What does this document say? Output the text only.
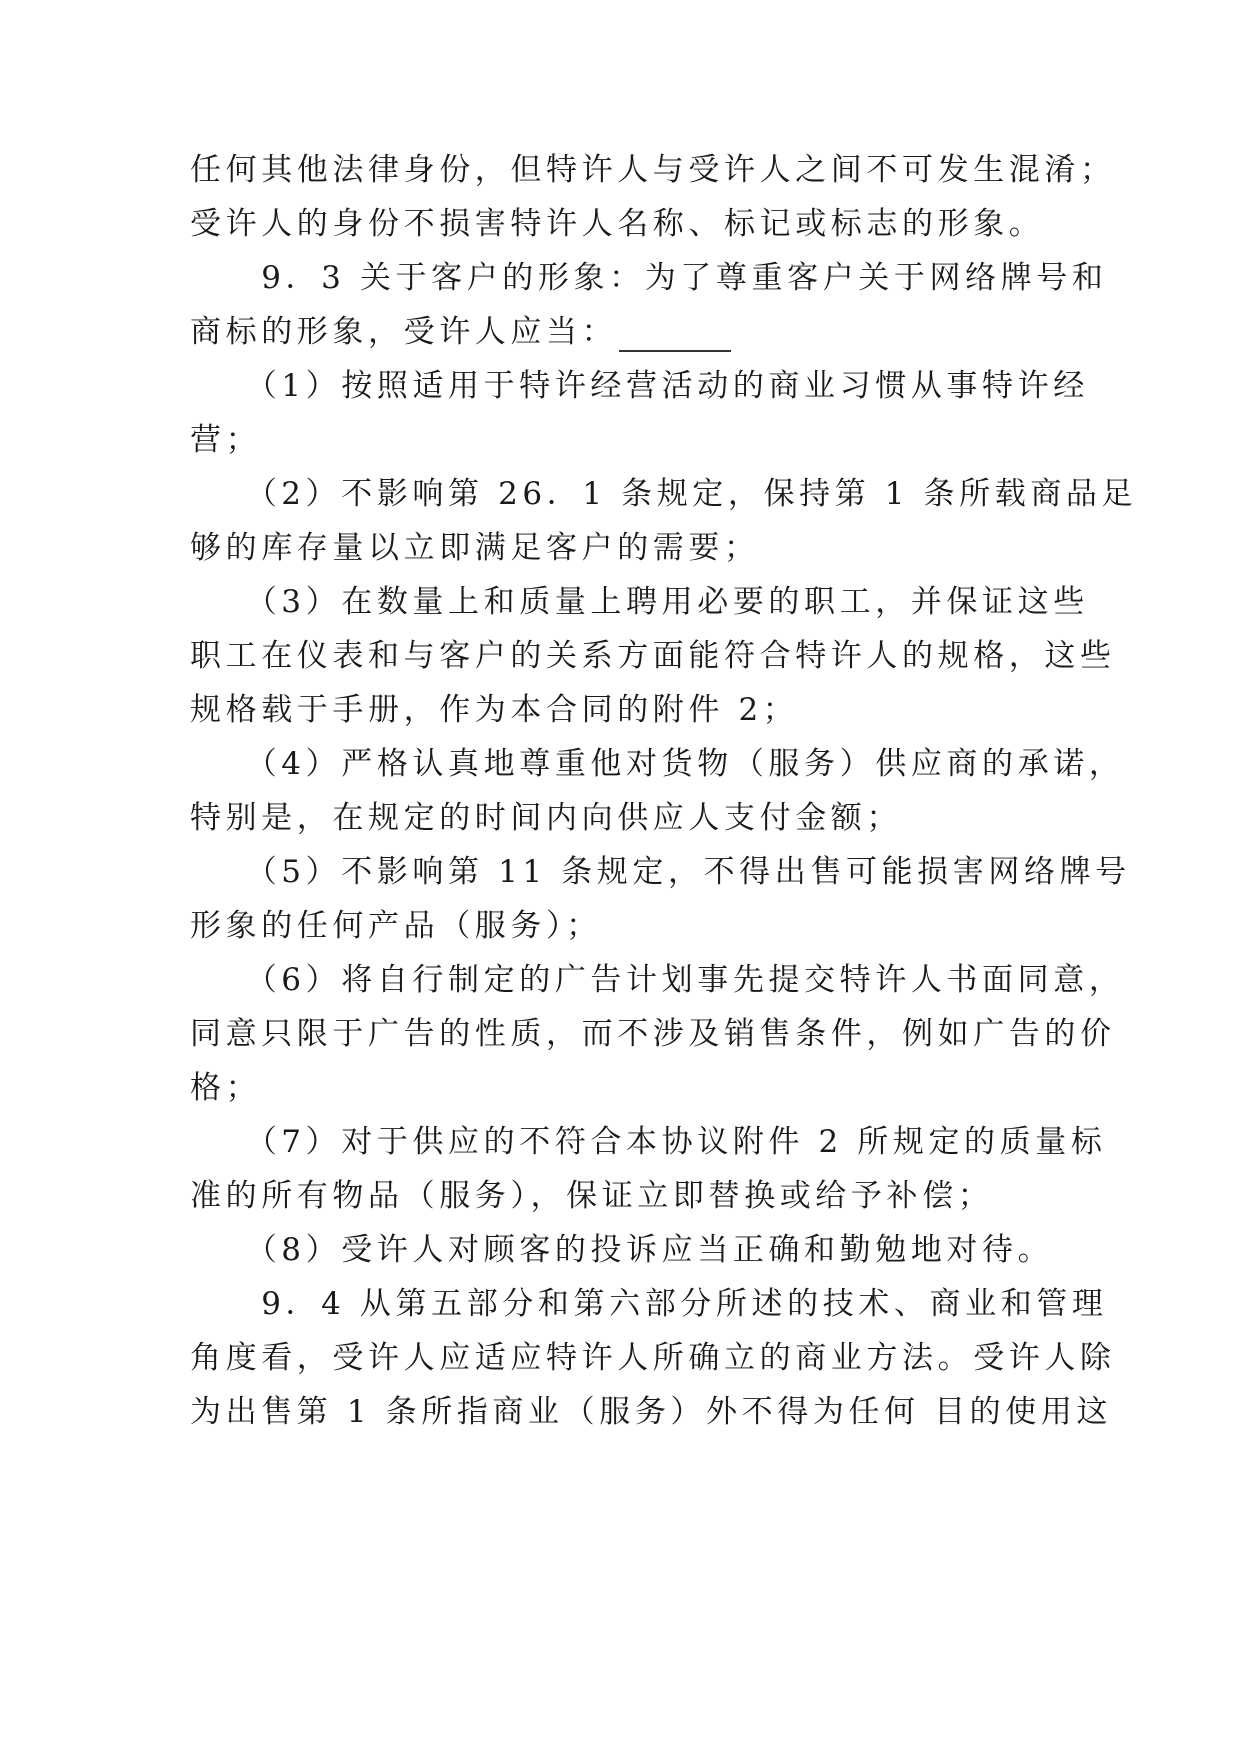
任何其他法律身份，但特许人与受许人之间不可发生混淆；
受许人的身份不损害特许人名称、标记或标志的形象。
　　9．3 关于客户的形象：为了尊重客户关于网络牌号和
商标的形象，受许人应当：
　　（1）按照适用于特许经营活动的商业习惯从事特许经
营；
　　（2）不影响第 26．1 条规定，保持第 1 条所载商品足
够的库存量以立即满足客户的需要；
　　（3）在数量上和质量上聘用必要的职工，并保证这些
职工在仪表和与客户的关系方面能符合特许人的规格，这些
规格载于手册，作为本合同的附件 2；
　　（4）严格认真地尊重他对货物（服务）供应商的承诺，
特别是，在规定的时间内向供应人支付金额；
　　（5）不影响第 11 条规定，不得出售可能损害网络牌号
形象的任何产品（服务）；
　　（6）将自行制定的广告计划事先提交特许人书面同意，
同意只限于广告的性质，而不涉及销售条件，例如广告的价
格；
　　（7）对于供应的不符合本协议附件 2 所规定的质量标
准的所有物品（服务），保证立即替换或给予补偿；
　　（8）受许人对顾客的投诉应当正确和勤勉地对待。
　　9．4 从第五部分和第六部分所述的技术、商业和管理
角度看，受许人应适应特许人所确立的商业方法。受许人除
为出售第 1 条所指商业（服务）外不得为任何 目的使用这
